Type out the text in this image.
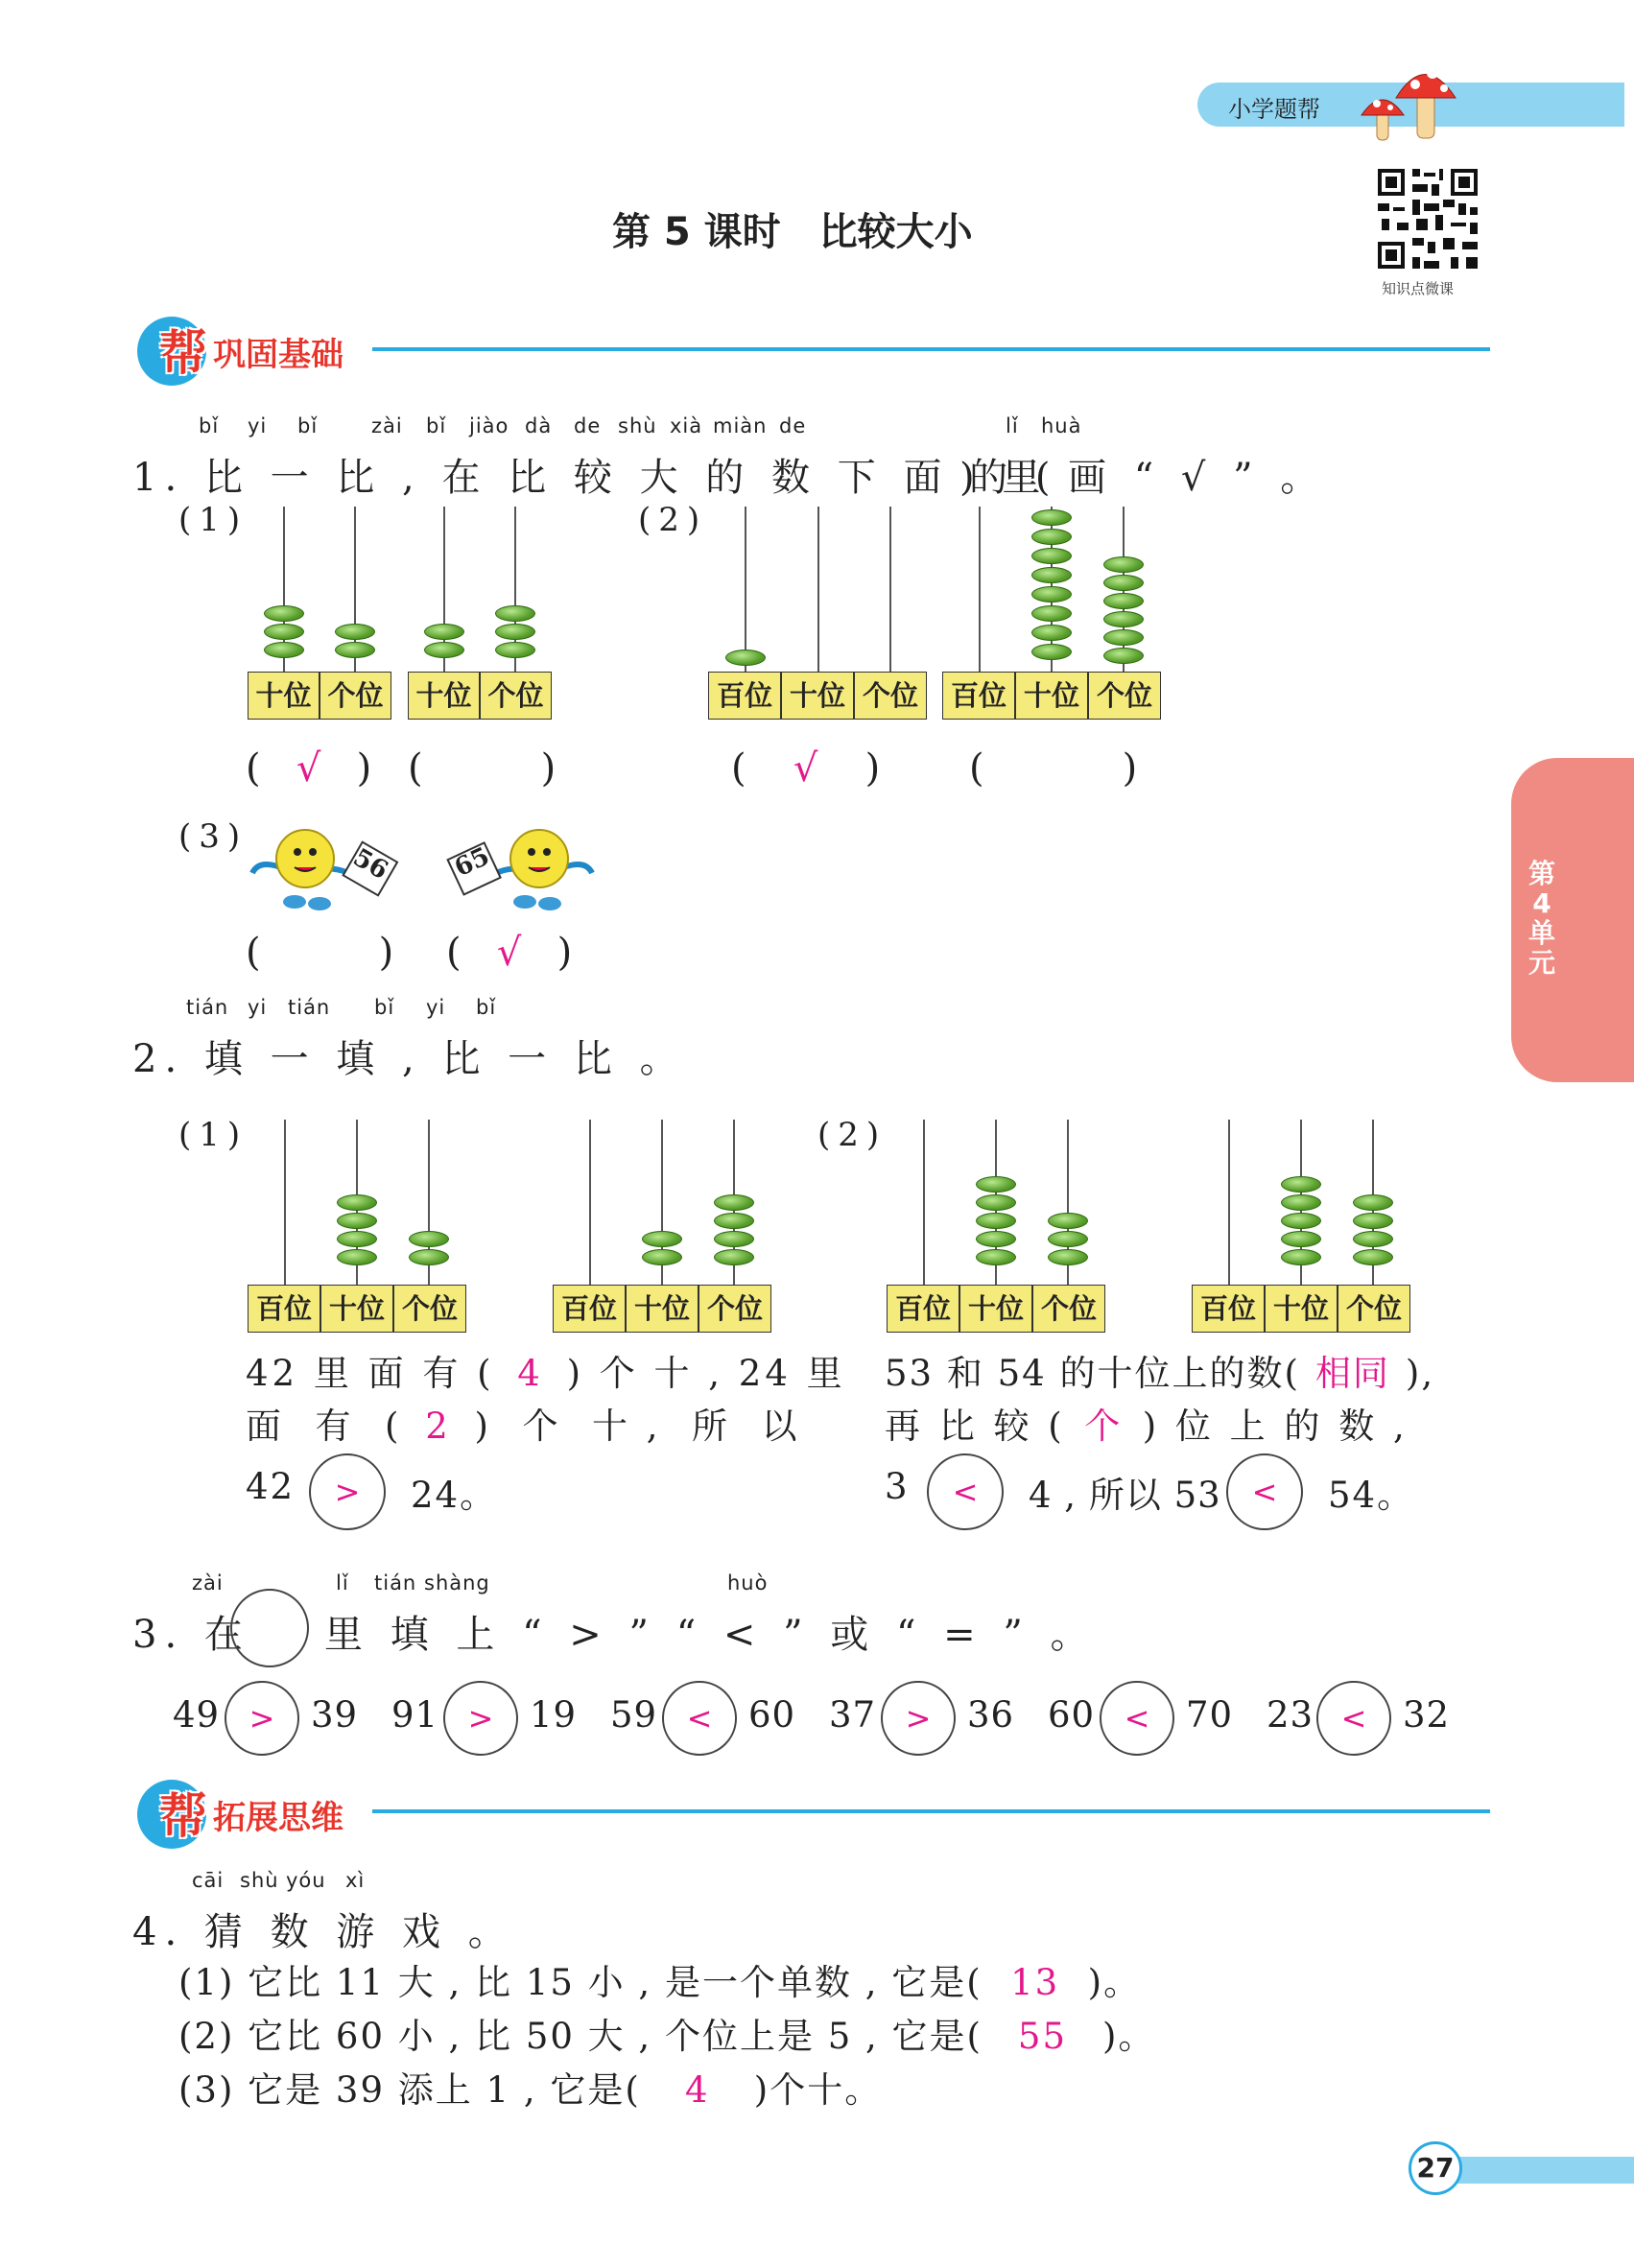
小学题帮
知识点微课
第 5 课时　比较大小
第4单元
帮 巩固基础
bǐ yi bǐ	zài bǐ jiào dà de shù xià miàn de	lǐ huà
1. 比 一 比 , 在 比 较 大 的 数 下 面 的 (
) 里 画 “ √ ” 。
(1)	(2)
十位 个位 十位 个位	百位 十位 个位	百位 十位 个位
( √ ) (	)	( √ ) (	)
(3)
56 65
(	) ( √ )
tián yi tián bǐ yi bǐ
2. 填 一 填 , 比 一 比 。
(1)	(2)
百位 十位 个位	百位 十位 个位	百位 十位 个位	百位 十位 个位
42 里 面 有 ( 4 ) 个 十 , 24 里
面  有  ( 2 )  个  十 ,  所  以
42	>	24。
53 和 54 的十位上的数( 相同 ),
再 比 较 ( 个 ) 位 上 的 数 ,
3	<	4 , 所以 53 <	54。
zài	lǐ tián shàng	huò
3. 在 里 填 上 “ > ” “ < ” 或 “ = ” 。
49 >	39 91 >	19 59 <	60 37 >	36 60 <	70 23 <	32
帮 拓展思维
cāi shù yóu xì
4. 猜 数 游 戏 。
(1) 它比 11 大 , 比 15 小 , 是一个单数 , 它是( 13 )。
(2) 它比 60 小 , 比 50 大 , 个位上是 5 , 它是( 55 )。
(3) 它是 39 添上 1 , 它是( 4 )个十。
27
